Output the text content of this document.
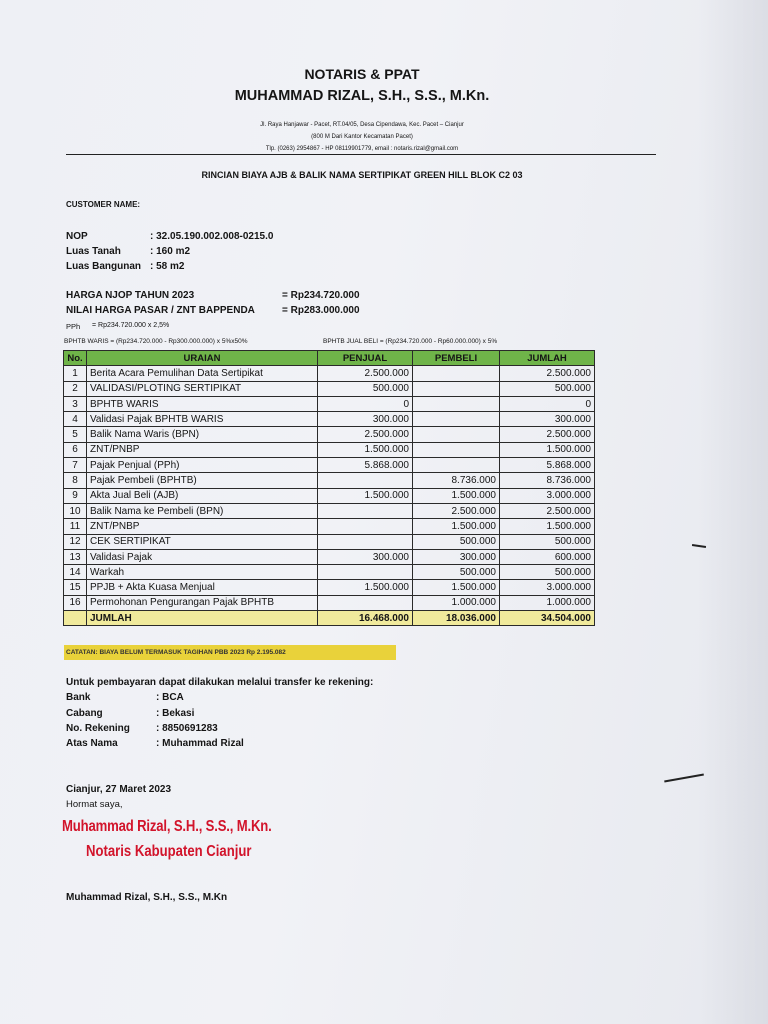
NOTARIS & PPAT
MUHAMMAD RIZAL, S.H., S.S., M.Kn.
Jl. Raya Hanjawar - Pacet, RT.04/05, Desa Cipendawa, Kec. Pacet – Cianjur
(800 M Dari Kantor Kecamatan Pacet)
Tlp. (0263) 2954867 - HP 08119901779, email : notaris.rizal@gmail.com
RINCIAN BIAYA AJB & BALIK NAMA SERTIPIKAT GREEN HILL BLOK C2 03
CUSTOMER NAME:
NOP	: 32.05.190.002.008-0215.0
Luas Tanah	: 160 m2
Luas Bangunan : 58 m2
HARGA NJOP TAHUN 2023	= Rp234.720.000
NILAI HARGA PASAR / ZNT BAPPENDA	= Rp283.000.000
PPh = Rp234.720.000 x 2,5%
BPHTB WARIS = (Rp234.720.000 - Rp300.000.000) x 5%x50%	BPHTB JUAL BELI = (Rp234.720.000 - Rp60.000.000) x 5%
No.	URAIAN	PENJUAL	PEMBELI	JUMLAH
1	Berita Acara Pemulihan Data Sertipikat	2.500.000		2.500.000
2	VALIDASI/PLOTING SERTIPIKAT	500.000		500.000
3	BPHTB WARIS	0		0
4	Validasi Pajak BPHTB WARIS	300.000		300.000
5	Balik Nama Waris (BPN)	2.500.000		2.500.000
6	ZNT/PNBP	1.500.000		1.500.000
7	Pajak Penjual (PPh)	5.868.000		5.868.000
8	Pajak Pembeli (BPHTB)		8.736.000	8.736.000
9	Akta Jual Beli (AJB)	1.500.000	1.500.000	3.000.000
10	Balik Nama ke Pembeli (BPN)		2.500.000	2.500.000
11	ZNT/PNBP		1.500.000	1.500.000
12	CEK SERTIPIKAT		500.000	500.000
13	Validasi Pajak	300.000	300.000	600.000
14	Warkah		500.000	500.000
15	PPJB + Akta Kuasa Menjual	1.500.000	1.500.000	3.000.000
16	Permohonan Pengurangan Pajak BPHTB		1.000.000	1.000.000
	JUMLAH	16.468.000	18.036.000	34.504.000
CATATAN: BIAYA BELUM TERMASUK TAGIHAN PBB 2023 Rp 2.195.082
Untuk pembayaran dapat dilakukan melalui transfer ke rekening:
Bank	: BCA
Cabang	: Bekasi
No. Rekening	: 8850691283
Atas Nama	: Muhammad Rizal
Cianjur, 27 Maret 2023
Hormat saya,
Muhammad Rizal, S.H., S.S., M.Kn.
Notaris Kabupaten Cianjur
Muhammad Rizal, S.H., S.S., M.Kn
